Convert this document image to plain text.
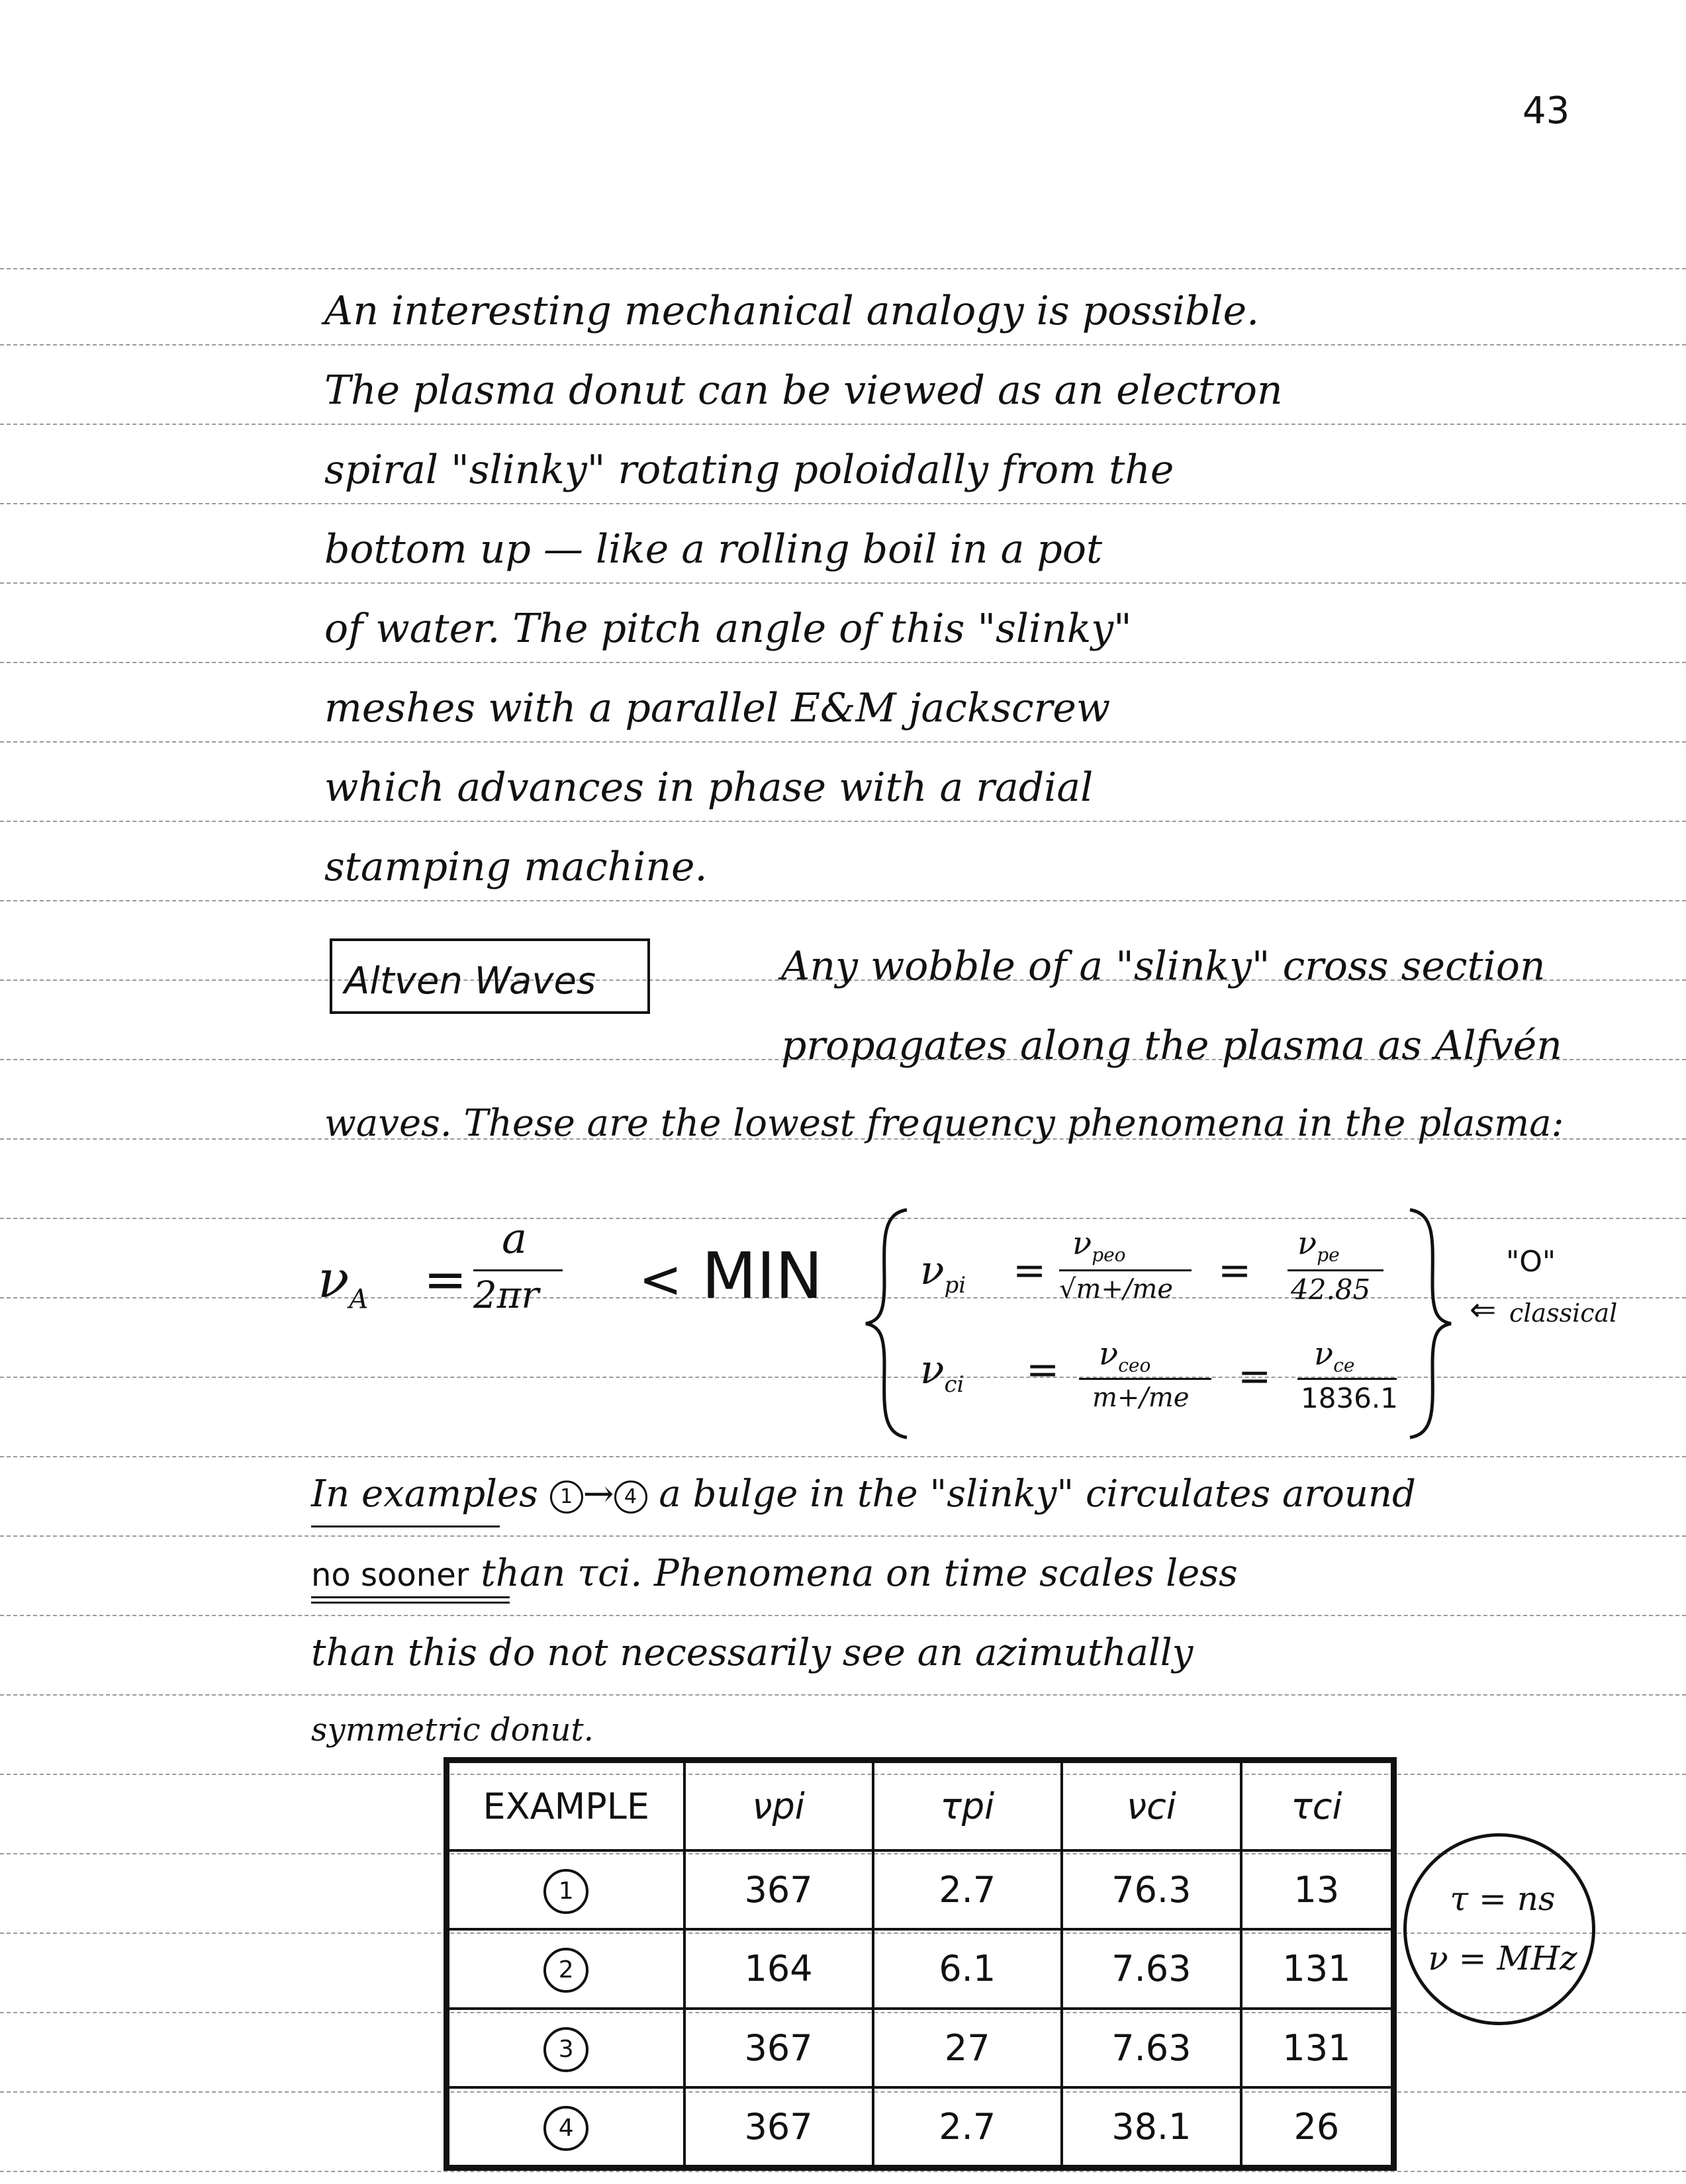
43
An interesting mechanical analogy is possible.
The plasma donut can be viewed as an electron
spiral "slinky" rotating poloidally from the
bottom up — like a rolling boil in a pot
of water. The pitch angle of this "slinky"
meshes with a parallel E&M jackscrew
which advances in phase with a radial
stamping machine.
Altven Waves	Any wobble of a "slinky" cross section
propagates along the plasma as Alfvén
waves. These are the lowest frequency phenomena in the plasma:
$\nu_A$ =
a
2πr < MIN $\nu_{pi}$ =
$\nu_{peo}$
√m+/me =
$\nu_{pe}$
42.85
$\nu_{ci} = \nu_{ceo}$
$m+/me = \nu_{ce}$
1836.1
"O"
⇐ classical
In examples 1 → 4 a bulge in the "slinky" circulates around
no sooner than τci. Phenomena on time scales less
than this do not necessarily see an azimuthally
symmetric donut.
EXAMPLE	νpi	τpi	νci	τci
1	367	2.7	76.3	13
2	164	6.1	7.63	131
3	367	27	7.63	131
4	367	2.7	38.1	26
τ = ns
ν = MHz
